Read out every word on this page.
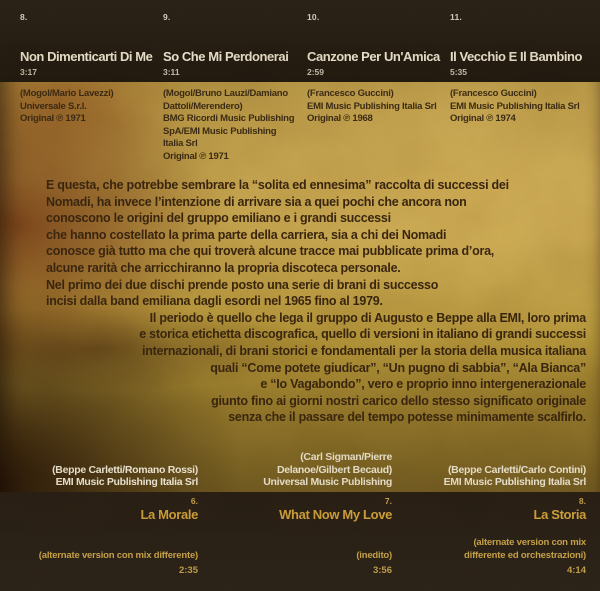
8.
Non Dimenticarti Di Me
3:17
9.
So Che Mi Perdonerai
3:11
10.
Canzone Per Un'Amica
2:59
11.
Il Vecchio E Il Bambino
5:35
(Mogol/Mario Lavezzi)
Universale S.r.l.
Original ℗ 1971
(Mogol/Bruno Lauzi/Damiano
Dattoli/Merendero)
BMG Ricordi Music Publishing
SpA/EMI Music Publishing
Italia Srl
Original ℗ 1971
(Francesco Guccini)
EMI Music Publishing Italia Srl
Original ℗ 1968
(Francesco Guccini)
EMI Music Publishing Italia Srl
Original ℗ 1974
E questa, che potrebbe sembrare la “solita ed ennesima” raccolta di successi dei
Nomadi, ha invece l’intenzione di arrivare sia a quei pochi che ancora non
conoscono le origini del gruppo emiliano e i grandi successi
che hanno costellato la prima parte della carriera, sia a chi dei Nomadi
conosce già tutto ma che qui troverà alcune tracce mai pubblicate prima d’ora,
alcune rarità che arricchiranno la propria discoteca personale.
Nel primo dei due dischi prende posto una serie di brani di successo
incisi dalla band emiliana dagli esordi nel 1965 fino al 1979.
Il periodo è quello che lega il gruppo di Augusto e Beppe alla EMI, loro prima
e storica etichetta discografica, quello di versioni in italiano di grandi successi
internazionali, di brani storici e fondamentali per la storia della musica italiana
quali “Come potete giudicar”, “Un pugno di sabbia”, “Ala Bianca”
e “Io Vagabondo”, vero e proprio inno intergenerazionale
giunto fino ai giorni nostri carico dello stesso significato originale
senza che il passare del tempo potesse minimamente scalfirlo.
(Beppe Carletti/Romano Rossi)
EMI Music Publishing Italia Srl
(Carl Sigman/Pierre
Delanoe/Gilbert Becaud)
Universal Music Publishing
(Beppe Carletti/Carlo Contini)
EMI Music Publishing Italia Srl
6.
La Morale
(alternate version con mix differente)
2:35
7.
What Now My Love
(inedito)
3:56
8.
La Storia
(alternate version con mix
differente ed orchestrazioni)
4:14
